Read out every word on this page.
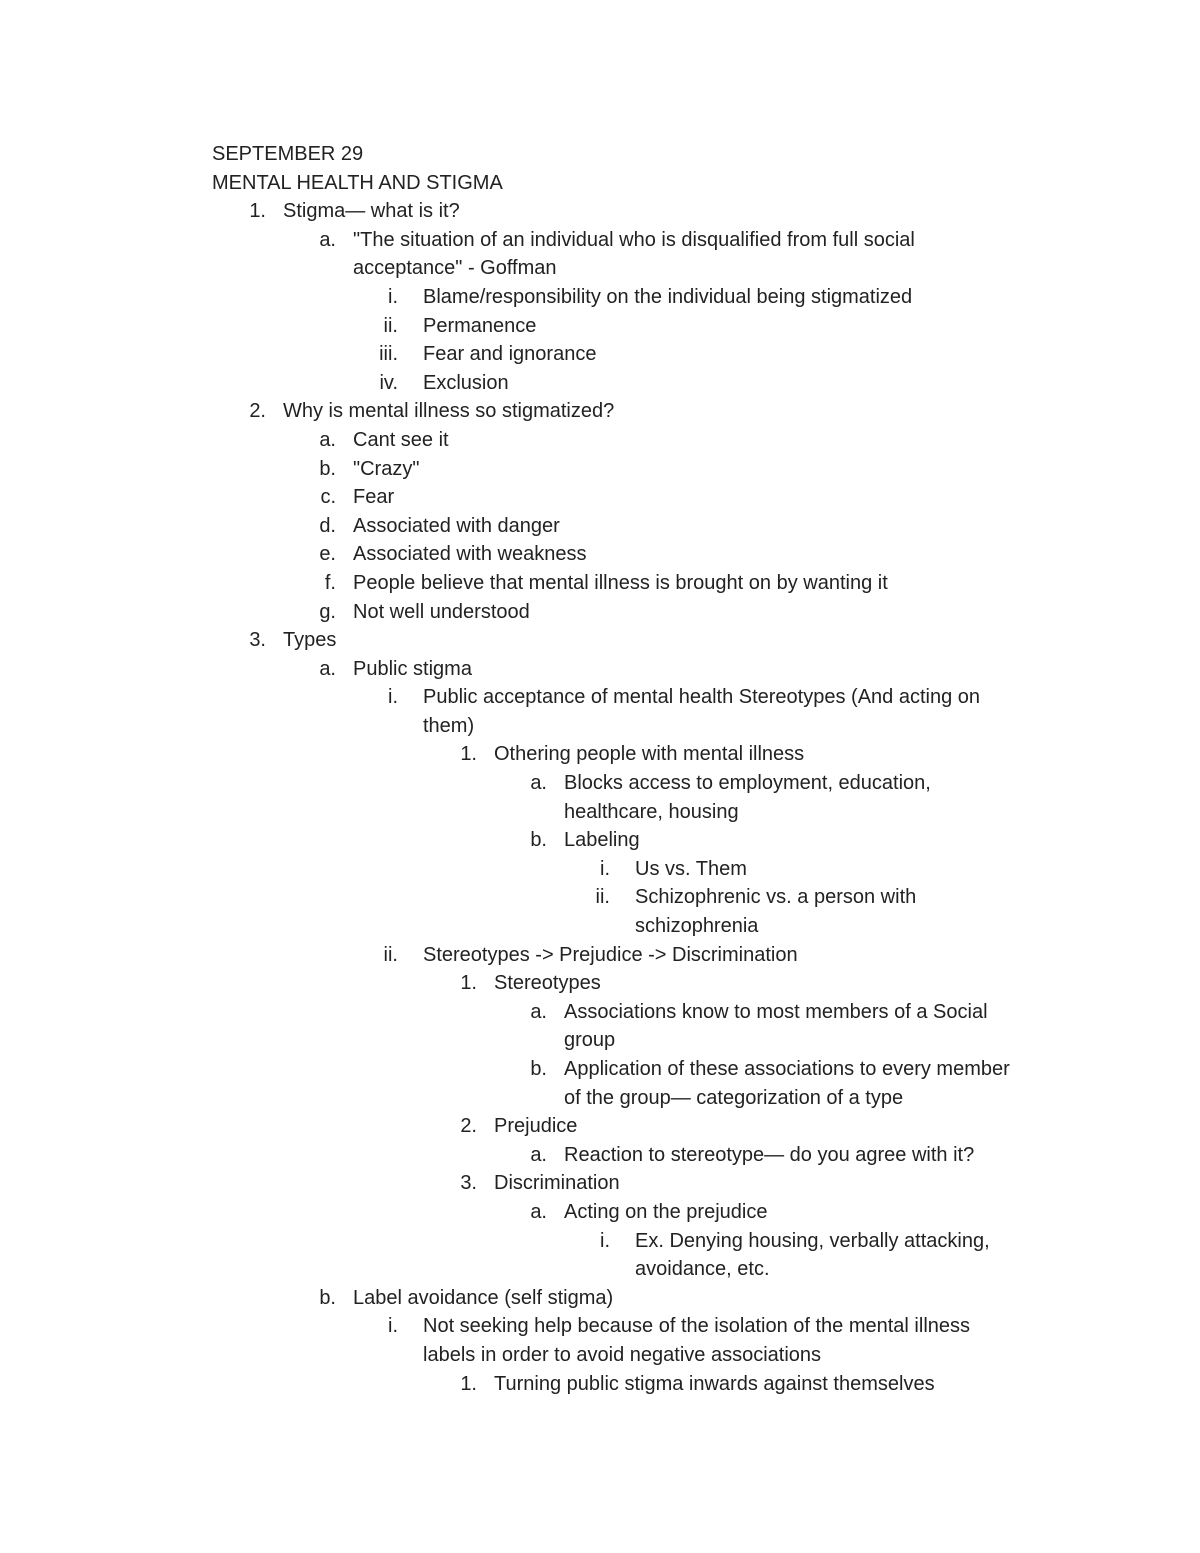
SEPTEMBER 29
MENTAL HEALTH AND STIGMA
1. Stigma— what is it?
a. "The situation of an individual who is disqualified from full social
acceptance" - Goffman
i.	Blame/responsibility on the individual being stigmatized
ii.	Permanence
iii.	Fear and ignorance
iv.	Exclusion
2. Why is mental illness so stigmatized?
a. Cant see it
b. "Crazy"
c. Fear
d. Associated with danger
e. Associated with weakness
f. People believe that mental illness is brought on by wanting it
g. Not well understood
3. Types
a. Public stigma
i.	Public acceptance of mental health Stereotypes (And acting on
them)
1. Othering people with mental illness
a. Blocks access to employment, education,
healthcare, housing
b. Labeling
i.	Us vs. Them
ii.	Schizophrenic vs. a person with
schizophrenia
ii.	Stereotypes -> Prejudice -> Discrimination
1. Stereotypes
a. Associations know to most members of a Social
group
b. Application of these associations to every member
of the group— categorization of a type
2. Prejudice
a. Reaction to stereotype— do you agree with it?
3. Discrimination
a. Acting on the prejudice
i.	Ex. Denying housing, verbally attacking,
avoidance, etc.
b. Label avoidance (self stigma)
i.	Not seeking help because of the isolation of the mental illness
labels in order to avoid negative associations
1. Turning public stigma inwards against themselves
